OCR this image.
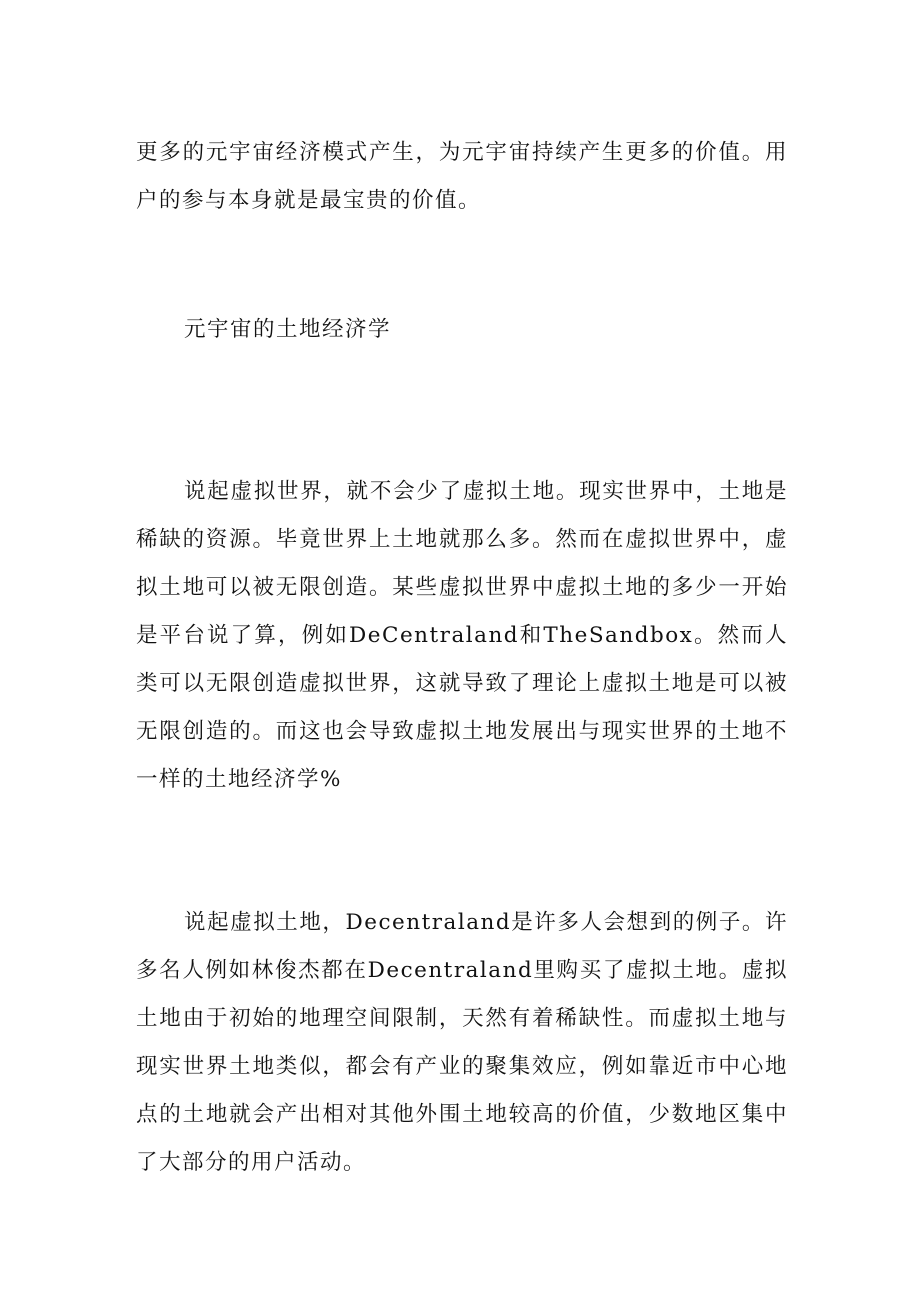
更多的元宇宙经济模式产生，为元宇宙持续产生更多的价值。用户的参与本身就是最宝贵的价值。

元宇宙的土地经济学

说起虚拟世界，就不会少了虚拟土地。现实世界中，土地是稀缺的资源。毕竟世界上土地就那么多。然而在虚拟世界中，虚拟土地可以被无限创造。某些虚拟世界中虚拟土地的多少一开始是平台说了算，例如DeCentraland和TheSandbox。然而人类可以无限创造虚拟世界，这就导致了理论上虚拟土地是可以被无限创造的。而这也会导致虚拟土地发展出与现实世界的土地不一样的土地经济学%

说起虚拟土地，Decentraland是许多人会想到的例子。许多名人例如林俊杰都在Decentraland里购买了虚拟土地。虚拟土地由于初始的地理空间限制，天然有着稀缺性。而虚拟土地与现实世界土地类似，都会有产业的聚集效应，例如靠近市中心地点的土地就会产出相对其他外围土地较高的价值，少数地区集中了大部分的用户活动。
